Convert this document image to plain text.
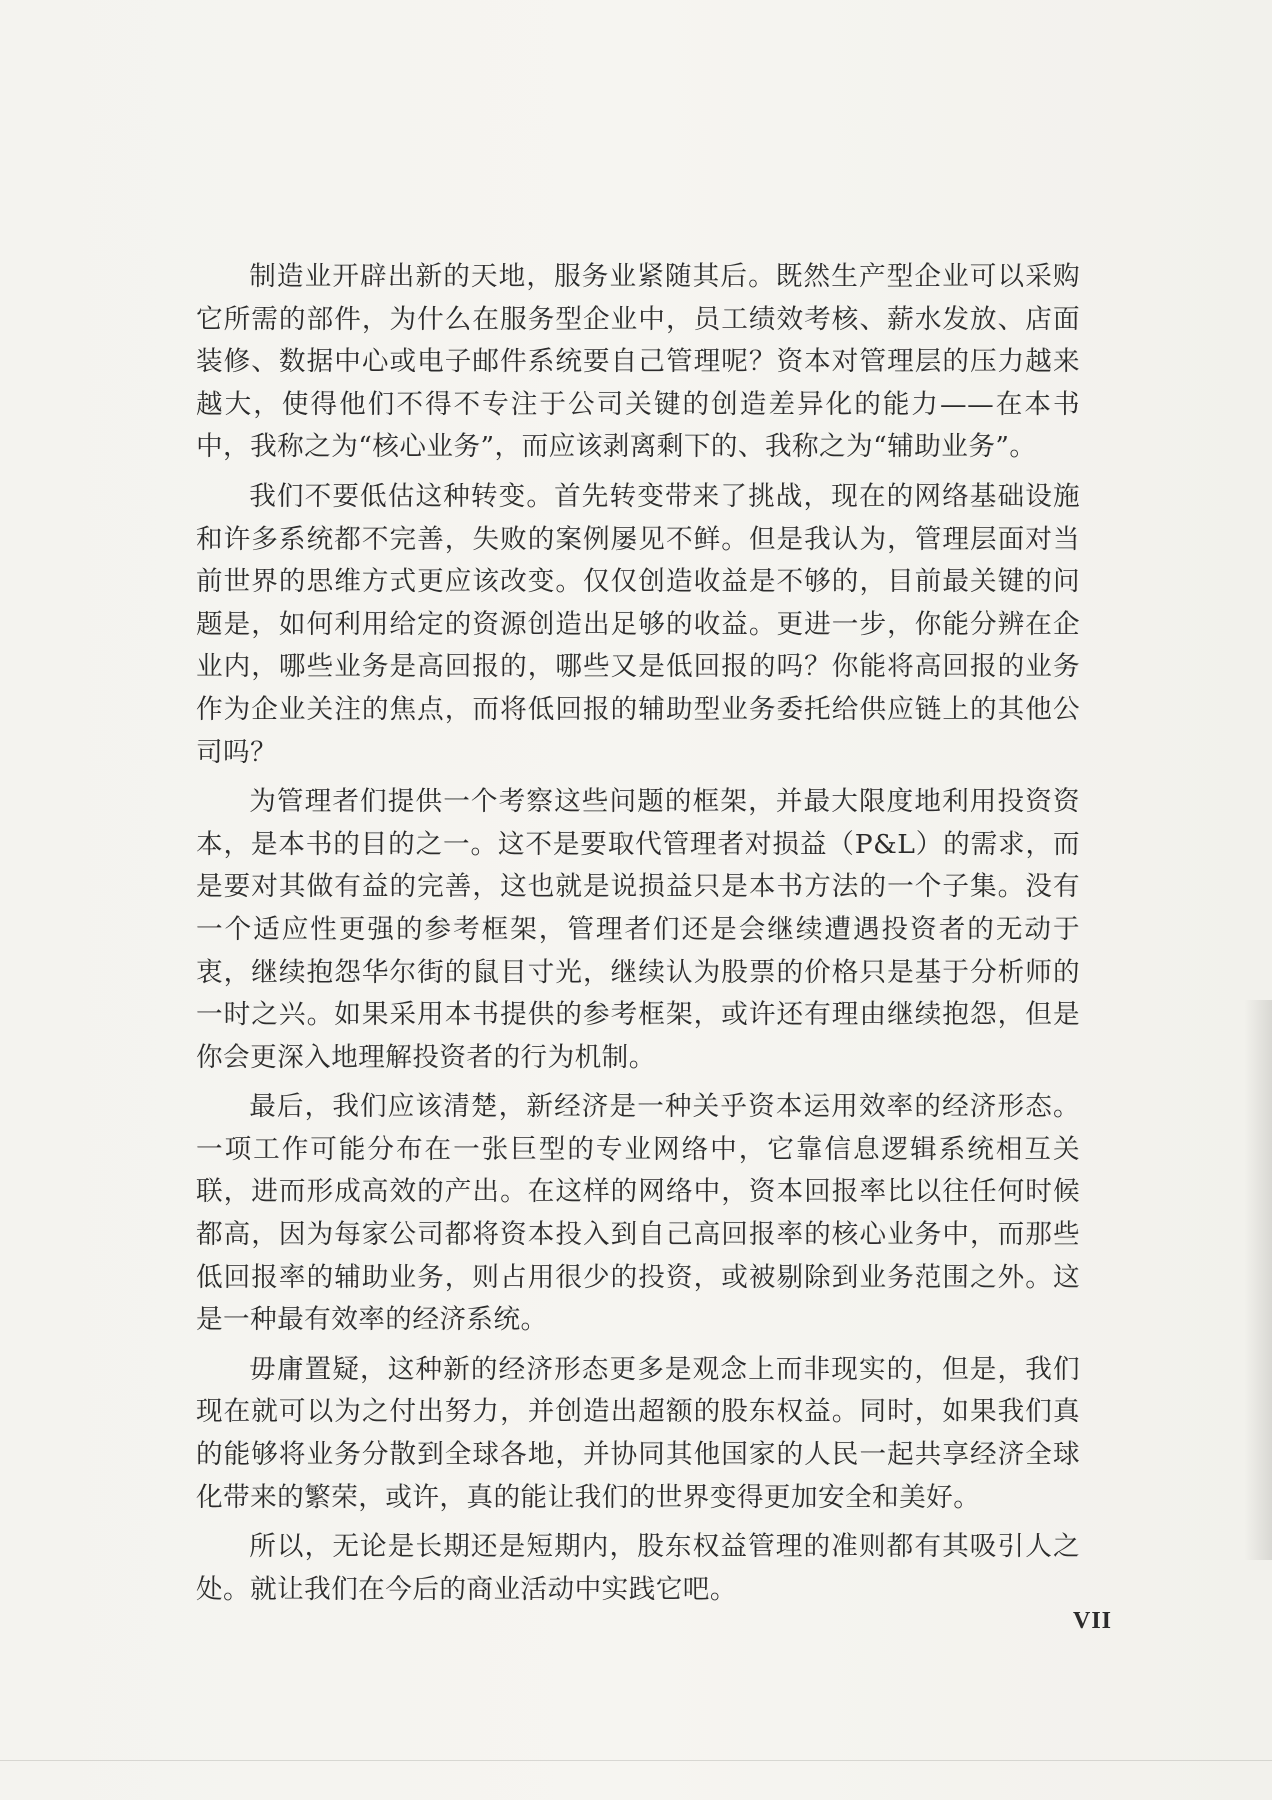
制造业开辟出新的天地，服务业紧随其后。既然生产型企业可以采购它所需的部件，为什么在服务型企业中，员工绩效考核、薪水发放、店面装修、数据中心或电子邮件系统要自己管理呢？资本对管理层的压力越来越大，使得他们不得不专注于公司关键的创造差异化的能力——在本书中，我称之为“核心业务”，而应该剥离剩下的、我称之为“辅助业务”。

我们不要低估这种转变。首先转变带来了挑战，现在的网络基础设施和许多系统都不完善，失败的案例屡见不鲜。但是我认为，管理层面对当前世界的思维方式更应该改变。仅仅创造收益是不够的，目前最关键的问题是，如何利用给定的资源创造出足够的收益。更进一步，你能分辨在企业内，哪些业务是高回报的，哪些又是低回报的吗？你能将高回报的业务作为企业关注的焦点，而将低回报的辅助型业务委托给供应链上的其他公司吗？

为管理者们提供一个考察这些问题的框架，并最大限度地利用投资资本，是本书的目的之一。这不是要取代管理者对损益（P&L）的需求，而是要对其做有益的完善，这也就是说损益只是本书方法的一个子集。没有一个适应性更强的参考框架，管理者们还是会继续遭遇投资者的无动于衷，继续抱怨华尔街的鼠目寸光，继续认为股票的价格只是基于分析师的一时之兴。如果采用本书提供的参考框架，或许还有理由继续抱怨，但是你会更深入地理解投资者的行为机制。

最后，我们应该清楚，新经济是一种关乎资本运用效率的经济形态。一项工作可能分布在一张巨型的专业网络中，它靠信息逻辑系统相互关联，进而形成高效的产出。在这样的网络中，资本回报率比以往任何时候都高，因为每家公司都将资本投入到自己高回报率的核心业务中，而那些低回报率的辅助业务，则占用很少的投资，或被剔除到业务范围之外。这是一种最有效率的经济系统。

毋庸置疑，这种新的经济形态更多是观念上而非现实的，但是，我们现在就可以为之付出努力，并创造出超额的股东权益。同时，如果我们真的能够将业务分散到全球各地，并协同其他国家的人民一起共享经济全球化带来的繁荣，或许，真的能让我们的世界变得更加安全和美好。

所以，无论是长期还是短期内，股东权益管理的准则都有其吸引人之处。就让我们在今后的商业活动中实践它吧。

VII
